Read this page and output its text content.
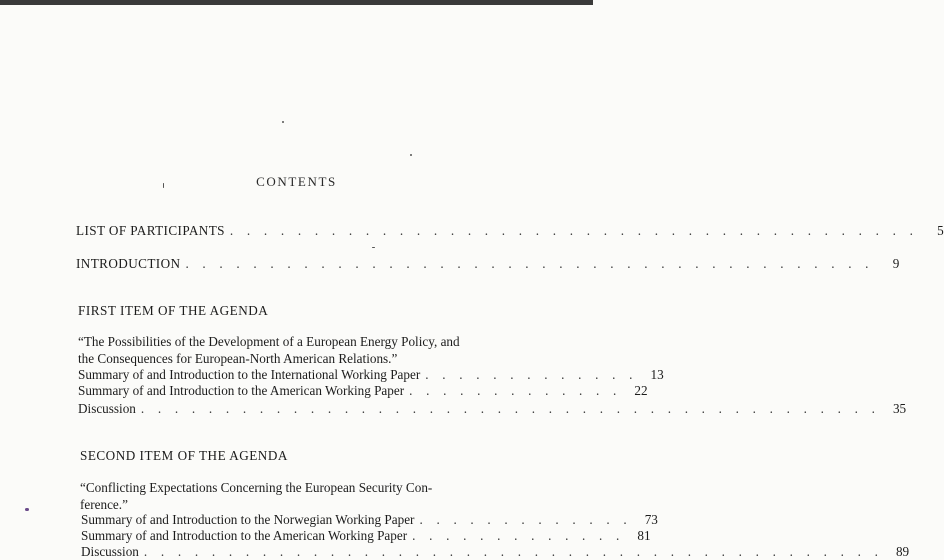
CONTENTS
LIST OF PARTICIPANTS . . . . . . . . . . . . . . . . . . . . . . . . . . . . . . . . . . . . . . . . .	5
INTRODUCTION . . . . . . . . . . . . . . . . . . . . . . . . . . . . . . . . . . . . . . . . .	9
FIRST ITEM OF THE AGENDA
“The Possibilities of the Development of a European Energy Policy, and
the Consequences for European-North American Relations.”
Summary of and Introduction to the International Working Paper . . . . . . . . . . . . . 13
Summary of and Introduction to the American Working Paper . . . . . . . . . . . . . 22
Discussion . . . . . . . . . . . . . . . . . . . . . . . . . . . . . . . . . . . . . . . . . . . . 35
SECOND ITEM OF THE AGENDA
“Conflicting Expectations Concerning the European Security Con-
ference.”
Summary of and Introduction to the Norwegian Working Paper . . . . . . . . . . . . . 73
Summary of and Introduction to the American Working Paper . . . . . . . . . . . . . 81
Discussion . . . . . . . . . . . . . . . . . . . . . . . . . . . . . . . . . . . . . . . . . . . . 89
